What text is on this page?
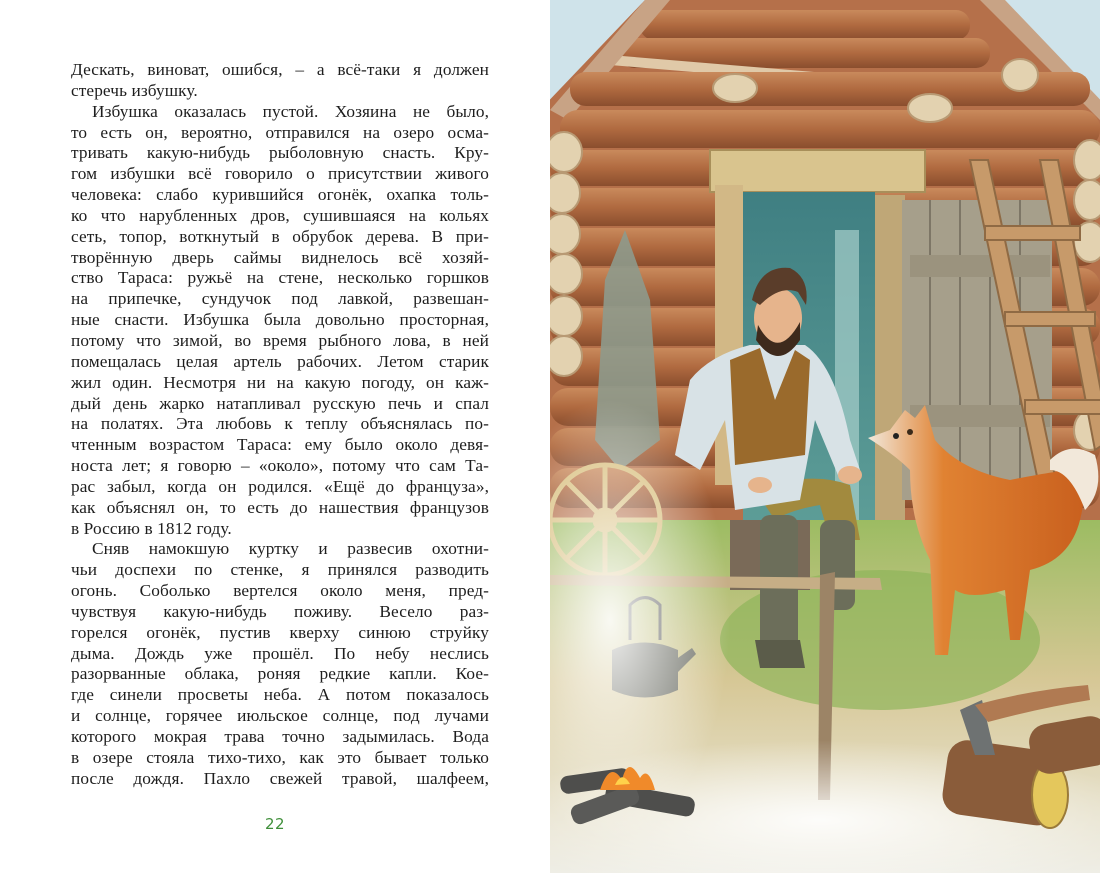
Дескать, виноват, ошибся, – а всё-таки я должен
стеречь избушку.
Избушка оказалась пустой. Хозяина не было,
то есть он, вероятно, отправился на озеро осма-
тривать какую-нибудь рыболовную снасть. Кру-
гом избушки всё говорило о присутствии живого
человека: слабо курившийся огонёк, охапка толь-
ко что нарубленных дров, сушившаяся на кольях
сеть, топор, воткнутый в обрубок дерева. В при-
творённую дверь саймы виднелось всё хозяй-
ство Тараса: ружьё на стене, несколько горшков
на припечке, сундучок под лавкой, развешан-
ные снасти. Избушка была довольно просторная,
потому что зимой, во время рыбного лова, в ней
помещалась целая артель рабочих. Летом старик
жил один. Несмотря ни на какую погоду, он каж-
дый день жарко натапливал русскую печь и спал
на полатях. Эта любовь к теплу объяснялась по-
чтенным возрастом Тараса: ему было около девя-
носта лет; я говорю – «около», потому что сам Та-
рас забыл, когда он родился. «Ещё до француза»,
как объяснял он, то есть до нашествия французов
в Россию в 1812 году.
Сняв намокшую куртку и развесив охотни-
чьи доспехи по стенке, я принялся разводить
огонь. Соболько вертелся около меня, пред-
чувствуя какую-нибудь поживу. Весело раз-
горелся огонёк, пустив кверху синюю струйку
дыма. Дождь уже прошёл. По небу неслись
разорванные облака, роняя редкие капли. Кое-
где синели просветы неба. А потом показалось
и солнце, горячее июльское солнце, под лучами
которого мокрая трава точно задымилась. Вода
в озере стояла тихо-тихо, как это бывает только
после дождя. Пахло свежей травой, шалфеем,
22
